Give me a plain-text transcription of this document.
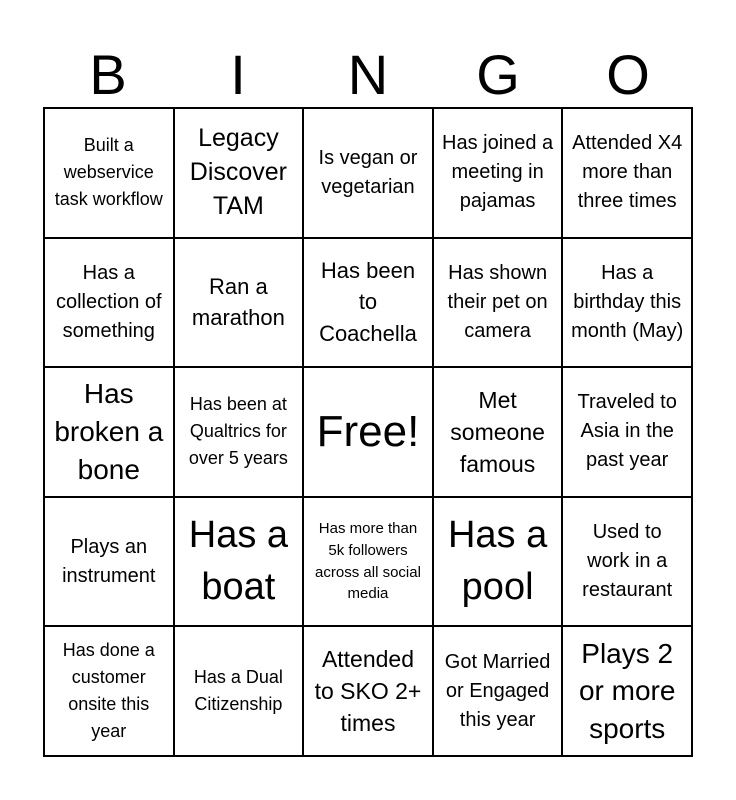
B	I	N	G	O
Built a webservice task workflow
Legacy Discover TAM
Is vegan or vegetarian
Has joined a meeting in pajamas
Attended X4 more than three times
Has a collection of something
Ran a marathon
Has been to Coachella
Has shown their pet on camera
Has a birthday this month (May)
Has broken a bone
Has been at Qualtrics for over 5 years
Free!
Met someone famous
Traveled to Asia in the past year
Plays an instrument
Has a boat
Has more than 5k followers across all social media
Has a pool
Used to work in a restaurant
Has done a customer onsite this year
Has a Dual Citizenship
Attended to SKO 2+ times
Got Married or Engaged this year
Plays 2 or more sports
